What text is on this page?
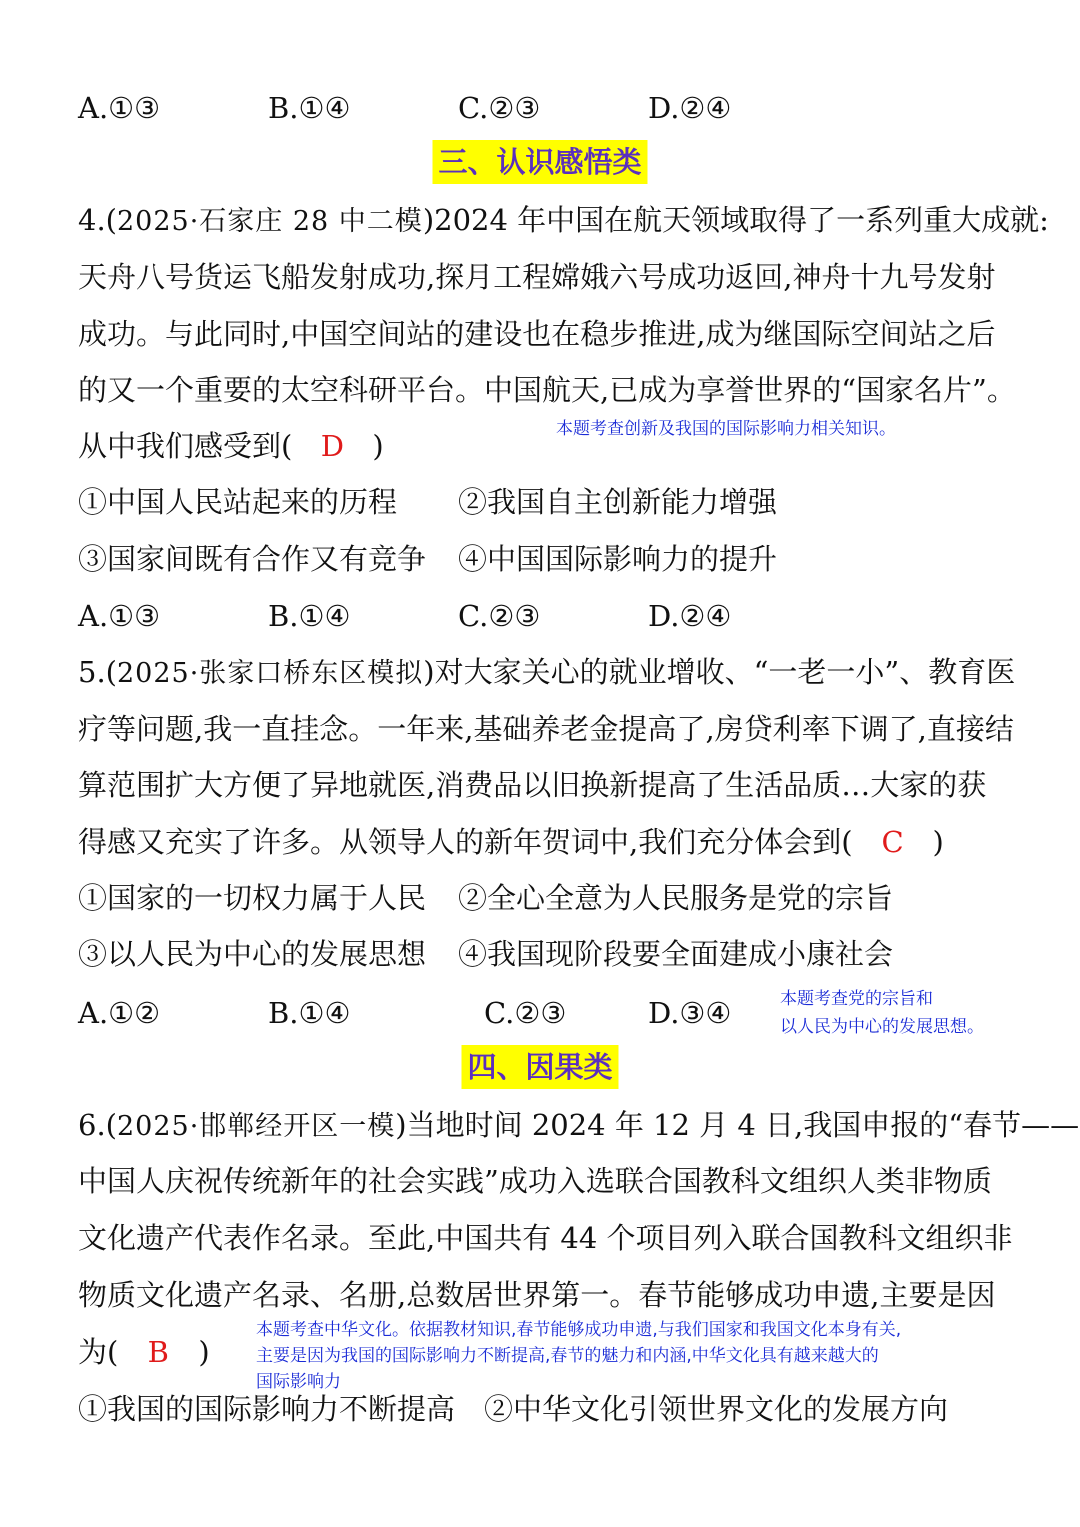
A.①③	B.①④	C.②③	D.②④
三、认识感悟类
4.(2025·石家庄 28 中二模)2024 年中国在航天领域取得了一系列重大成就:
天舟八号货运飞船发射成功,探月工程嫦娥六号成功返回,神舟十九号发射
成功。与此同时,中国空间站的建设也在稳步推进,成为继国际空间站之后
的又一个重要的太空科研平台。中国航天,已成为享誉世界的“国家名片”。
从中我们感受到( D )	本题考查创新及我国的国际影响力相关知识。
①中国人民站起来的历程 ②我国自主创新能力增强
③国家间既有合作又有竞争 ④中国国际影响力的提升
A.①③	B.①④	C.②③	D.②④
5.(2025·张家口桥东区模拟)对大家关心的就业增收、“一老一小”、教育医
疗等问题,我一直挂念。一年来,基础养老金提高了,房贷利率下调了,直接结
算范围扩大方便了异地就医,消费品以旧换新提高了生活品质…大家的获
得感又充实了许多。从领导人的新年贺词中,我们充分体会到( C )
①国家的一切权力属于人民 ②全心全意为人民服务是党的宗旨
③以人民为中心的发展思想 ④我国现阶段要全面建成小康社会
A.①②	B.①④	C.②③	D.③④	本题考查党的宗旨和
以人民为中心的发展思想。
四、因果类
6.(2025·邯郸经开区一模)当地时间 2024 年 12 月 4 日,我国申报的“春节——
中国人庆祝传统新年的社会实践”成功入选联合国教科文组织人类非物质
文化遗产代表作名录。至此,中国共有 44 个项目列入联合国教科文组织非
物质文化遗产名录、名册,总数居世界第一。春节能够成功申遗,主要是因
为( B )
本题考查中华文化。依据教材知识,春节能够成功申遗,与我们国家和我国文化本身有关,
主要是因为我国的国际影响力不断提高,春节的魅力和内涵,中华文化具有越来越大的
国际影响力
①我国的国际影响力不断提高 ②中华文化引领世界文化的发展方向
